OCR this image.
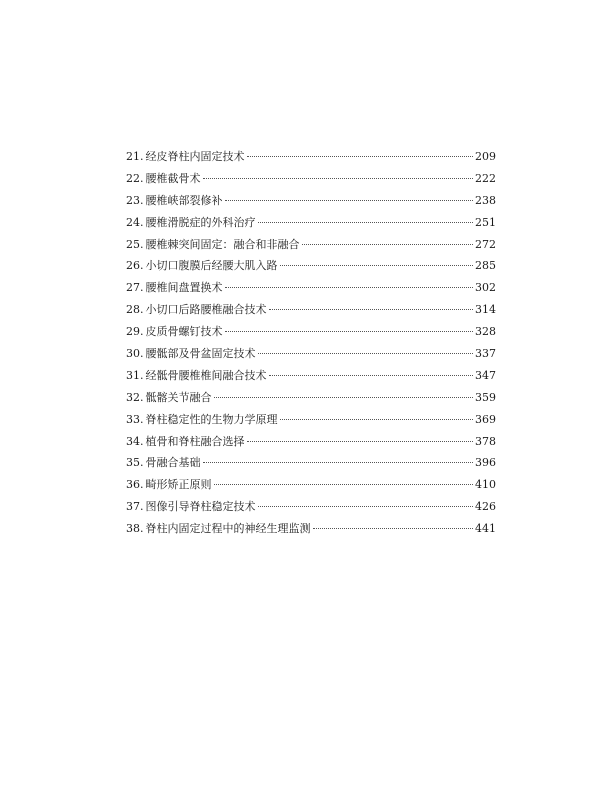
21. 经皮脊柱内固定技术	209
22. 腰椎截骨术	222
23. 腰椎峡部裂修补	238
24. 腰椎滑脱症的外科治疗	251
25. 腰椎棘突间固定：融合和非融合	272
26. 小切口腹膜后经腰大肌入路	285
27. 腰椎间盘置换术	302
28. 小切口后路腰椎融合技术	314
29. 皮质骨螺钉技术	328
30. 腰骶部及骨盆固定技术	337
31. 经骶骨腰椎椎间融合技术	347
32. 骶髂关节融合	359
33. 脊柱稳定性的生物力学原理	369
34. 植骨和脊柱融合选择	378
35. 骨融合基础	396
36. 畸形矫正原则	410
37. 图像引导脊柱稳定技术	426
38. 脊柱内固定过程中的神经生理监测	441
